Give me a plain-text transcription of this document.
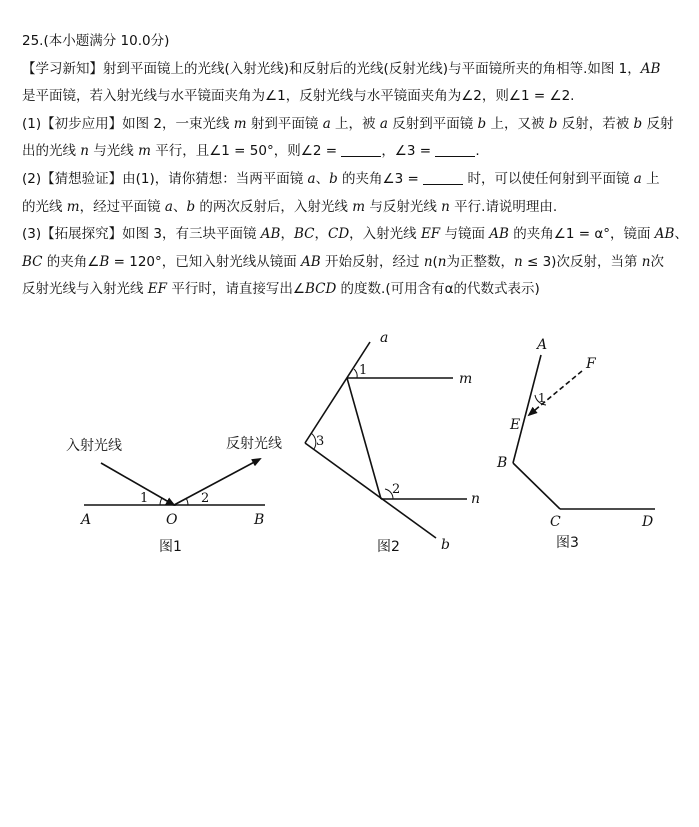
25.(本小题满分 10.0分)
【学习新知】射到平面镜上的光线(入射光线)和反射后的光线(反射光线)与平面镜所夹的角相等.如图 1，AB
是平面镜，若入射光线与水平镜面夹角为∠1，反射光线与水平镜面夹角为∠2，则∠1 = ∠2.
(1)【初步应用】如图 2，一束光线 m 射到平面镜 a 上，被 a 反射到平面镜 b 上，又被 b 反射，若被 b 反射
出的光线 n 与光线 m 平行，且∠1 = 50°，则∠2 =	，∠3 =	.
(2)【猜想验证】由(1)，请你猜想：当两平面镜 a、b 的夹角∠3 =	时，可以使任何射到平面镜 a 上
的光线 m，经过平面镜 a、b 的两次反射后，入射光线 m 与反射光线 n 平行.请说明理由.
(3)【拓展探究】如图 3，有三块平面镜 AB，BC，CD，入射光线 EF 与镜面 AB 的夹角∠1 = α°，镜面 AB、
BC 的夹角∠B = 120°，已知入射光线从镜面 AB 开始反射，经过 n(n为正整数，n ≤ 3)次反射，当第 n次
反射光线与入射光线 EF 平行时，请直接写出∠BCD 的度数.(可用含有α的代数式表示)
入射光线	反射光线
1	2
A	O	B
图1
a
m
n
b
1
2
3
图2
A
F
1
E
B
C	D
图3
